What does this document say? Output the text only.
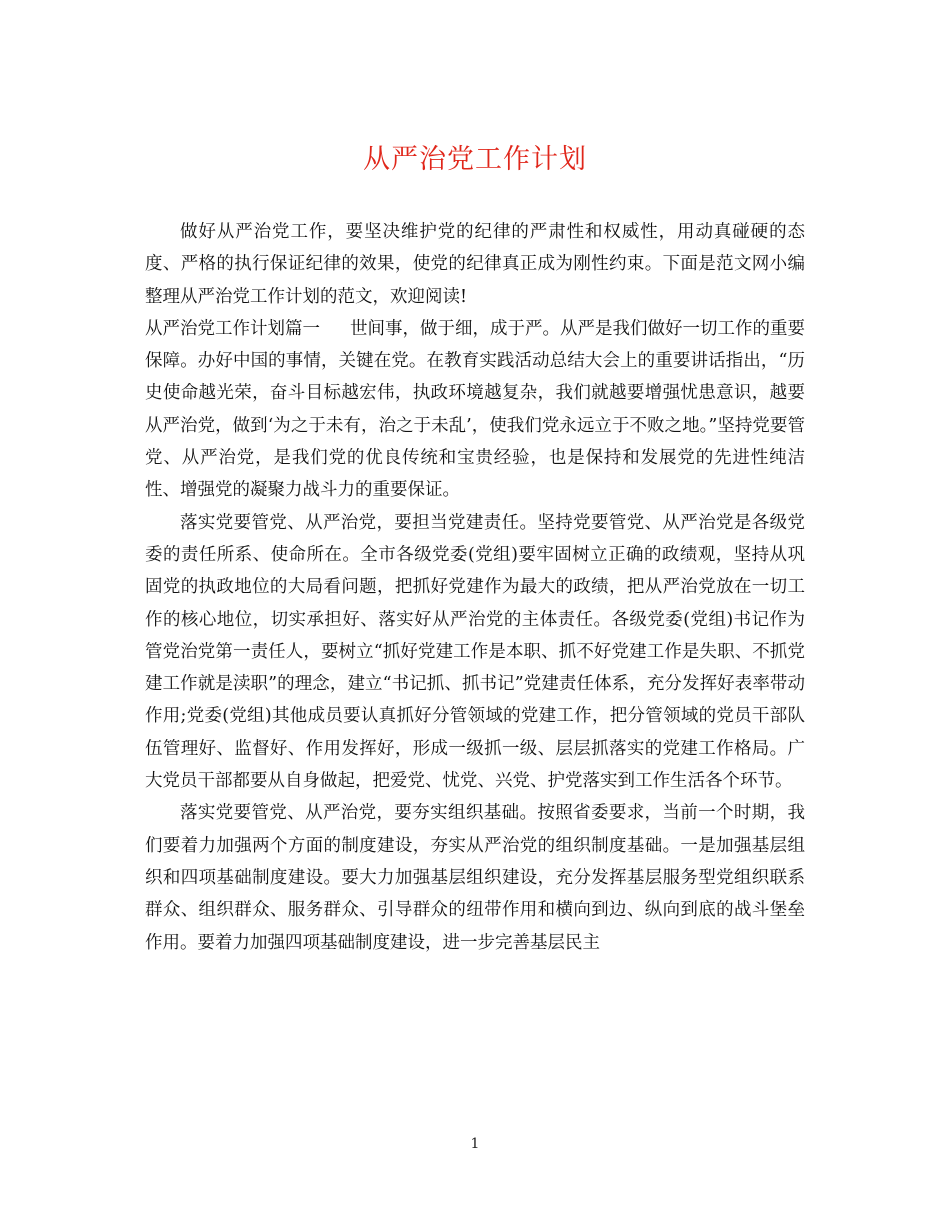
从严治党工作计划

做好从严治党工作，要坚决维护党的纪律的严肃性和权威性，用动真碰硬的态度、严格的执行保证纪律的效果，使党的纪律真正成为刚性约束。下面是范文网小编整理从严治党工作计划的范文，欢迎阅读!

从严治党工作计划篇一 世间事，做于细，成于严。从严是我们做好一切工作的重要保障。办好中国的事情，关键在党。在教育实践活动总结大会上的重要讲话指出，“历史使命越光荣，奋斗目标越宏伟，执政环境越复杂，我们就越要增强忧患意识，越要从严治党，做到‘为之于未有，治之于未乱’，使我们党永远立于不败之地。”坚持党要管党、从严治党，是我们党的优良传统和宝贵经验，也是保持和发展党的先进性纯洁性、增强党的凝聚力战斗力的重要保证。

落实党要管党、从严治党，要担当党建责任。坚持党要管党、从严治党是各级党委的责任所系、使命所在。全市各级党委(党组)要牢固树立正确的政绩观，坚持从巩固党的执政地位的大局看问题，把抓好党建作为最大的政绩，把从严治党放在一切工作的核心地位，切实承担好、落实好从严治党的主体责任。各级党委(党组)书记作为管党治党第一责任人，要树立“抓好党建工作是本职、抓不好党建工作是失职、不抓党建工作就是渎职”的理念，建立“书记抓、抓书记”党建责任体系，充分发挥好表率带动作用;党委(党组)其他成员要认真抓好分管领域的党建工作，把分管领域的党员干部队伍管理好、监督好、作用发挥好，形成一级抓一级、层层抓落实的党建工作格局。广大党员干部都要从自身做起，把爱党、忧党、兴党、护党落实到工作生活各个环节。

落实党要管党、从严治党，要夯实组织基础。按照省委要求，当前一个时期，我们要着力加强两个方面的制度建设，夯实从严治党的组织制度基础。一是加强基层组织和四项基础制度建设。要大力加强基层组织建设，充分发挥基层服务型党组织联系群众、组织群众、服务群众、引导群众的纽带作用和横向到边、纵向到底的战斗堡垒作用。要着力加强四项基础制度建设，进一步完善基层民主

1
